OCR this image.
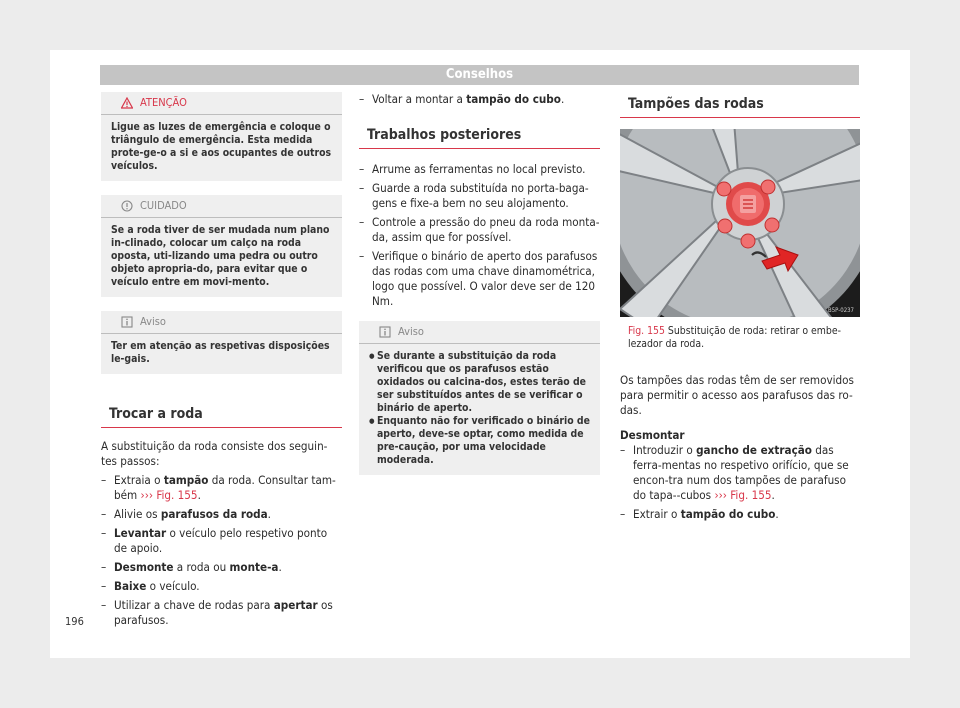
Conselhos
ATENÇÃO
Ligue as luzes de emergência e coloque o triângulo de emergência. Esta medida prote-ge-o a si e aos ocupantes de outros veículos.
CUIDADO
Se a roda tiver de ser mudada num plano in-clinado, colocar um calço na roda oposta, uti-lizando uma pedra ou outro objeto apropria-do, para evitar que o veículo entre em movi-mento.
Aviso
Ter em atenção as respetivas disposições le-gais.
Trocar a roda

A substituição da roda consiste dos seguin-tes passos:

– Extraia o tampão da roda. Consultar tam-bém ››› Fig. 155.
– Alivie os parafusos da roda.
– Levantar o veículo pelo respetivo ponto de apoio.
– Desmonte a roda ou monte-a.
– Baixe o veículo.
– Utilizar a chave de rodas para apertar os parafusos.
– Voltar a montar a tampão do cubo.
Trabalhos posteriores
– Arrume as ferramentas no local previsto.
– Guarde a roda substituída no porta-baga-gens e fixe-a bem no seu alojamento.
– Controle a pressão do pneu da roda monta-da, assim que for possível.
– Verifique o binário de aperto dos parafusos das rodas com uma chave dinamométrica, logo que possível. O valor deve ser de 120 Nm.
Aviso
● Se durante a substituição da roda verificou que os parafusos estão oxidados ou calcina-dos, estes terão de ser substituídos antes de se verificar o binário de aperto.
● Enquanto não for verificado o binário de aperto, deve-se optar, como medida de pre-caução, por uma velocidade moderada.
Tampões das rodas
B5P-0237
Fig. 155 Substituição de roda: retirar o embe-lezador da roda.

Os tampões das rodas têm de ser removidos para permitir o acesso aos parafusos das ro-das.

Desmontar

– Introduzir o gancho de extração das ferra-mentas no respetivo orifício, que se encon-tra num dos tampões de parafuso do tapa--cubos ››› Fig. 155.
– Extrair o tampão do cubo.
196
